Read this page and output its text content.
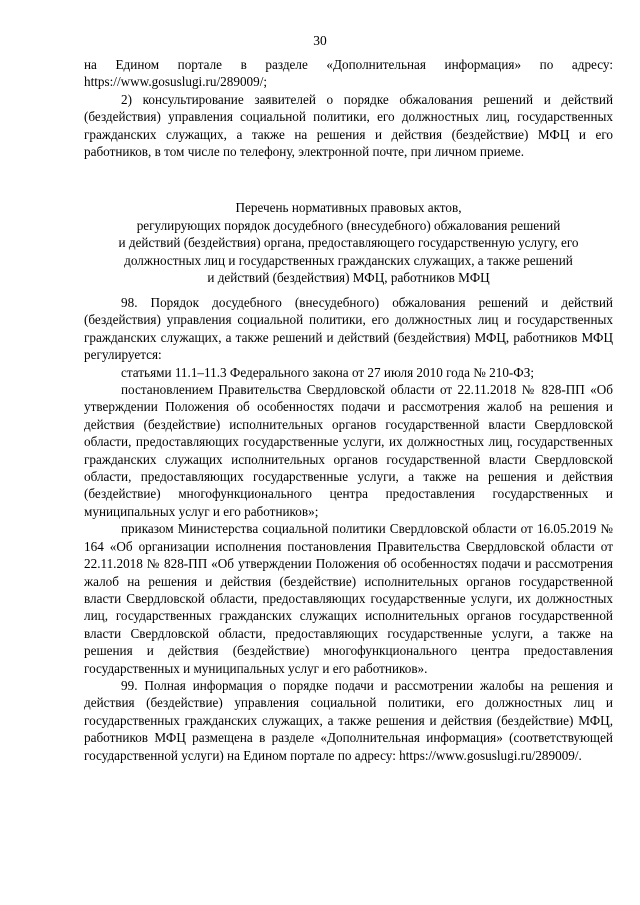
30

на Едином портале в разделе «Дополнительная информация» по адресу: https://www.gosuslugi.ru/289009/;

2) консультирование заявителей о порядке обжалования решений и действий (бездействия) управления социальной политики, его должностных лиц, государственных гражданских служащих, а также на решения и действия (бездействие) МФЦ и его работников, в том числе по телефону, электронной почте, при личном приеме.

Перечень нормативных правовых актов,

регулирующих порядок досудебного (внесудебного) обжалования решений

и действий (бездействия) органа, предоставляющего государственную услугу, его

должностных лиц и государственных гражданских служащих, а также решений

и действий (бездействия) МФЦ, работников МФЦ

98. Порядок досудебного (внесудебного) обжалования решений и действий (бездействия) управления социальной политики, его должностных лиц и государственных гражданских служащих, а также решений и действий (бездействия) МФЦ, работников МФЦ регулируется:

статьями 11.1–11.3 Федерального закона от 27 июля 2010 года № 210-ФЗ;

постановлением Правительства Свердловской области от 22.11.2018 № 828-ПП «Об утверждении Положения об особенностях подачи и рассмотрения жалоб на решения и действия (бездействие) исполнительных органов государственной власти Свердловской области, предоставляющих государственные услуги, их должностных лиц, государственных гражданских служащих исполнительных органов государственной власти Свердловской области, предоставляющих государственные услуги, а также на решения и действия (бездействие) многофункционального центра предоставления государственных и муниципальных услуг и его работников»;

приказом Министерства социальной политики Свердловской области от 16.05.2019 № 164 «Об организации исполнения постановления Правительства Свердловской области от 22.11.2018 № 828-ПП «Об утверждении Положения об особенностях подачи и рассмотрения жалоб на решения и действия (бездействие) исполнительных органов государственной власти Свердловской области, предоставляющих государственные услуги, их должностных лиц, государственных гражданских служащих исполнительных органов государственной власти Свердловской области, предоставляющих государственные услуги, а также на решения и действия (бездействие) многофункционального центра предоставления государственных и муниципальных услуг и его работников».

99. Полная информация о порядке подачи и рассмотрении жалобы на решения и действия (бездействие) управления социальной политики, его должностных лиц и государственных гражданских служащих, а также решения и действия (бездействие) МФЦ, работников МФЦ размещена в разделе «Дополнительная информация» (соответствующей государственной услуги) на Едином портале по адресу: https://www.gosuslugi.ru/289009/.
